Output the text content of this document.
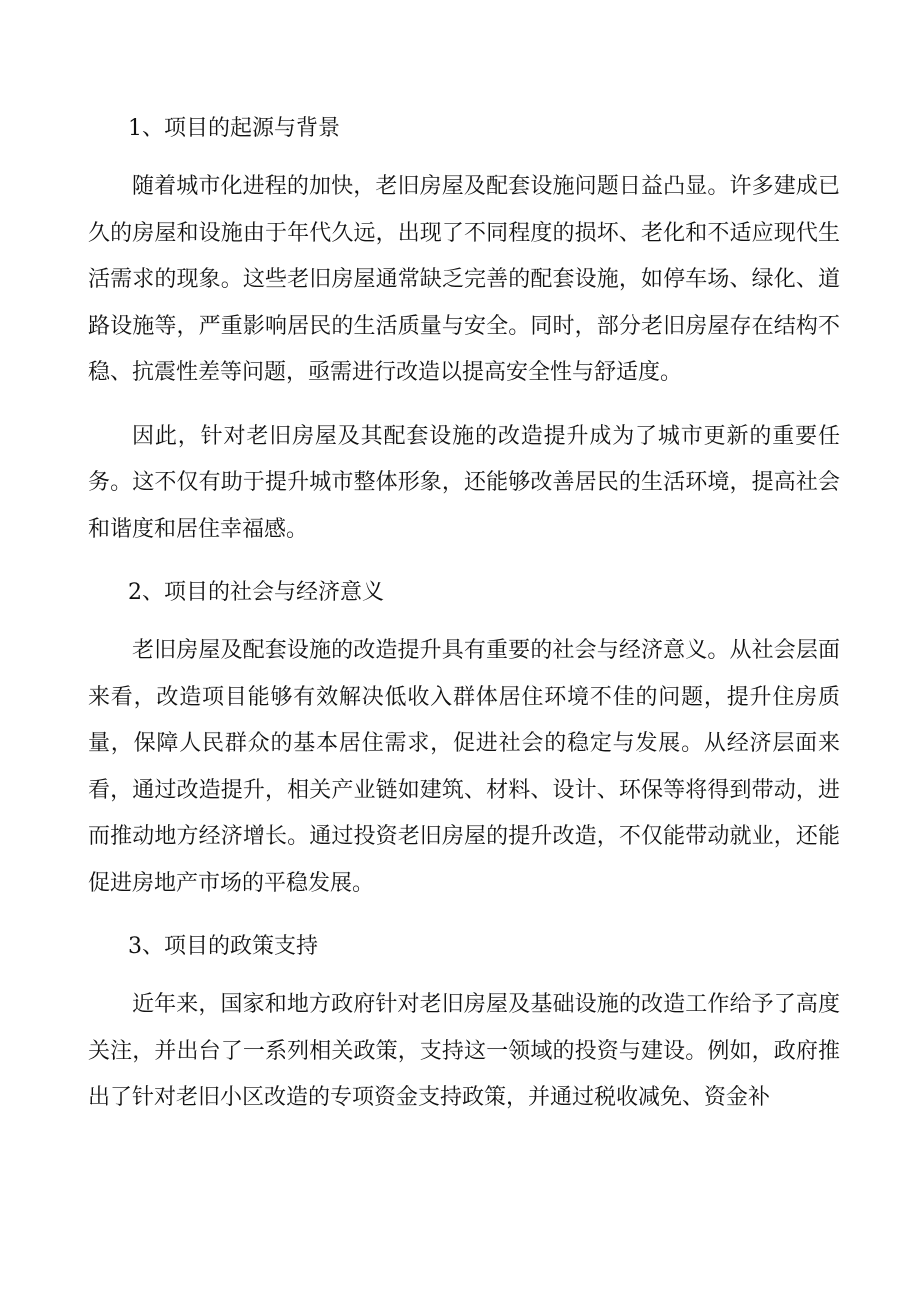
1、项目的起源与背景

随着城市化进程的加快，老旧房屋及配套设施问题日益凸显。许多建成已久的房屋和设施由于年代久远，出现了不同程度的损坏、老化和不适应现代生活需求的现象。这些老旧房屋通常缺乏完善的配套设施，如停车场、绿化、道路设施等，严重影响居民的生活质量与安全。同时，部分老旧房屋存在结构不稳、抗震性差等问题，亟需进行改造以提高安全性与舒适度。

因此，针对老旧房屋及其配套设施的改造提升成为了城市更新的重要任务。这不仅有助于提升城市整体形象，还能够改善居民的生活环境，提高社会和谐度和居住幸福感。

2、项目的社会与经济意义

老旧房屋及配套设施的改造提升具有重要的社会与经济意义。从社会层面来看，改造项目能够有效解决低收入群体居住环境不佳的问题，提升住房质量，保障人民群众的基本居住需求，促进社会的稳定与发展。从经济层面来看，通过改造提升，相关产业链如建筑、材料、设计、环保等将得到带动，进而推动地方经济增长。通过投资老旧房屋的提升改造，不仅能带动就业，还能促进房地产市场的平稳发展。

3、项目的政策支持

近年来，国家和地方政府针对老旧房屋及基础设施的改造工作给予了高度关注，并出台了一系列相关政策，支持这一领域的投资与建设。例如，政府推出了针对老旧小区改造的专项资金支持政策，并通过税收减免、资金补
